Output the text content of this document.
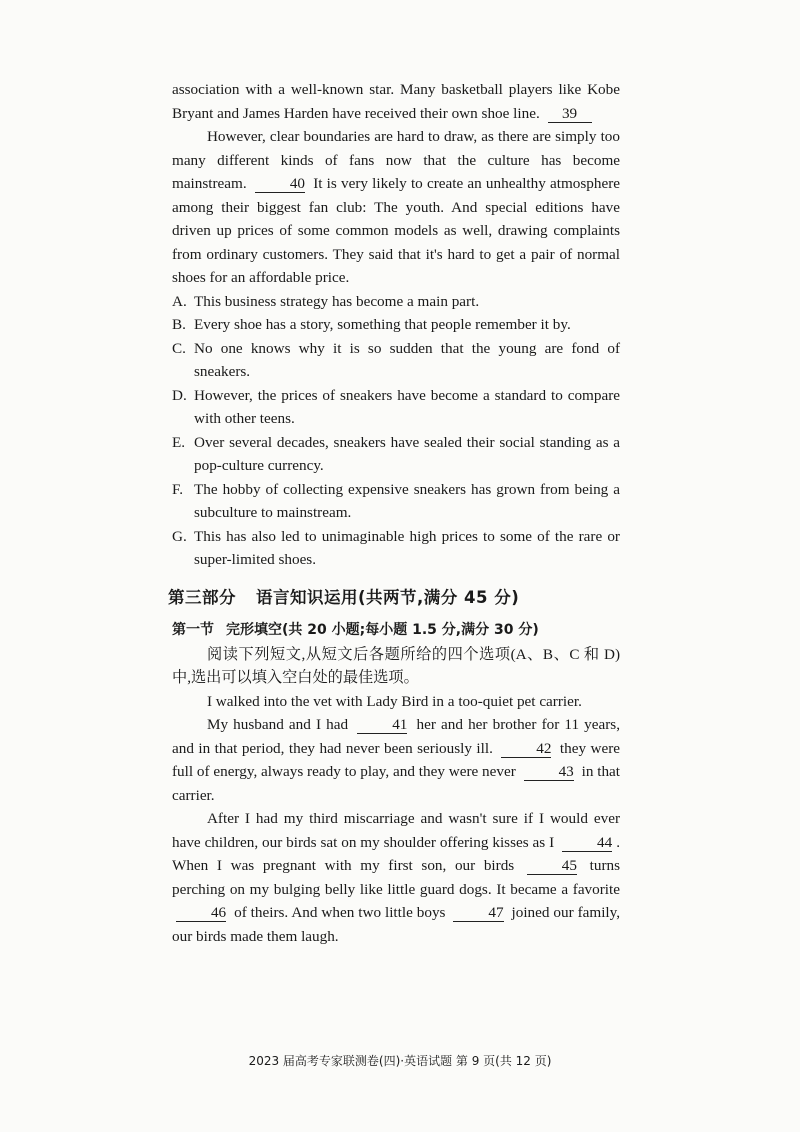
association with a well-known star. Many basketball players like Kobe Bryant and James Harden have received their own shoe line. 39

However, clear boundaries are hard to draw, as there are simply too many different kinds of fans now that the culture has become mainstream.	40 It is very likely to create an unhealthy atmosphere among their biggest fan club: The youth. And special editions have driven up prices of some common models as well, drawing complaints from ordinary customers. They said that it's hard to get a pair of normal shoes for an affordable price.

A. This business strategy has become a main part.
B. Every shoe has a story, something that people remember it by.
C. No one knows why it is so sudden that the young are fond of sneakers.
D. However, the prices of sneakers have become a standard to compare with other teens.
E. Over several decades, sneakers have sealed their social standing as a pop-culture currency.
F. The hobby of collecting expensive sneakers has grown from being a subculture to mainstream.
G. This has also led to unimaginable high prices to some of the rare or super-limited shoes.
第三部分 语言知识运用(共两节,满分 45 分)
第一节 完形填空(共 20 小题;每小题 1.5 分,满分 30 分)

阅读下列短文,从短文后各题所给的四个选项(A、B、C 和 D)中,选出可以填入空白处的最佳选项。

I walked into the vet with Lady Bird in a too-quiet pet carrier.

My husband and I had	41 her and her brother for 11 years, and in that period, they had never been seriously ill.	42 they were full of energy, always ready to play, and they were never	43 in that carrier.

After I had my third miscarriage and wasn't sure if I would ever have children, our birds sat on my shoulder offering kisses as I	44 . When I was pregnant with my first son, our birds	45 turns perching on my bulging belly like little guard dogs. It became a favorite 46 of theirs. And when two little boys	47 joined our family, our birds made them laugh.

2023 届高考专家联测卷(四)·英语试题 第 9 页(共 12 页)
